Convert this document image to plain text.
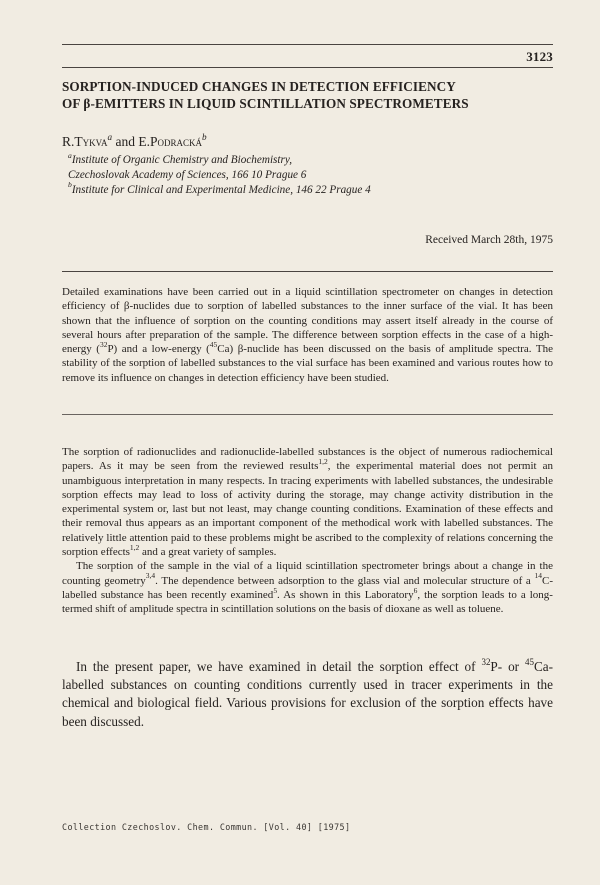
3123
SORPTION-INDUCED CHANGES IN DETECTION EFFICIENCY
OF β-EMITTERS IN LIQUID SCINTILLATION SPECTROMETERS
R.Tykva$^a$ and E.Podracká$^b$
$^a$Institute of Organic Chemistry and Biochemistry,
Czechoslovak Academy of Sciences, 166 10 Prague 6
$^b$Institute for Clinical and Experimental Medicine, 146 22 Prague 4
Received March 28th, 1975

Detailed examinations have been carried out in a liquid scintillation spectrometer on changes in detection efficiency of β-nuclides due to sorption of labelled substances to the inner surface of the vial. It has been shown that the influence of sorption on the counting conditions may assert itself already in the course of several hours after preparation of the sample. The difference between sorption effects in the case of a high-energy ($^{32}$P) and a low-energy ($^{45}$Ca) β-nuclide has been discussed on the basis of amplitude spectra. The stability of the sorption of labelled substances to the vial surface has been examined and various routes how to remove its influence on changes in detection efficiency have been studied.

The sorption of radionuclides and radionuclide-labelled substances is the object of numerous radiochemical papers. As it may be seen from the reviewed results$^{1,2}$, the experimental material does not permit an unambiguous interpretation in many respects. In tracing experiments with labelled substances, the undesirable sorption effects may lead to loss of activity during the storage, may change activity distribution in the experimental system or, last but not least, may change counting conditions. Examination of these effects and their removal thus appears as an important component of the methodical work with labelled substances. The relatively little attention paid to these problems might be ascribed to the complexity of relations concerning the sorption effects$^{1,2}$ and a great variety of samples.

The sorption of the sample in the vial of a liquid scintillation spectrometer brings about a change in the counting geometry$^{3,4}$. The dependence between adsorption to the glass vial and molecular structure of a $^{14}$C-labelled substance has been recently examined$^5$. As shown in this Laboratory$^6$, the sorption leads to a long-termed shift of amplitude spectra in scintillation solutions on the basis of dioxane as well as toluene.

In the present paper, we have examined in detail the sorption effect of $^{32}$P- or $^{45}$Ca-labelled substances on counting conditions currently used in tracer experiments in the chemical and biological field. Various provisions for exclusion of the sorption effects have been discussed.

Collection Czechoslov. Chem. Commun. [Vol. 40] [1975]
